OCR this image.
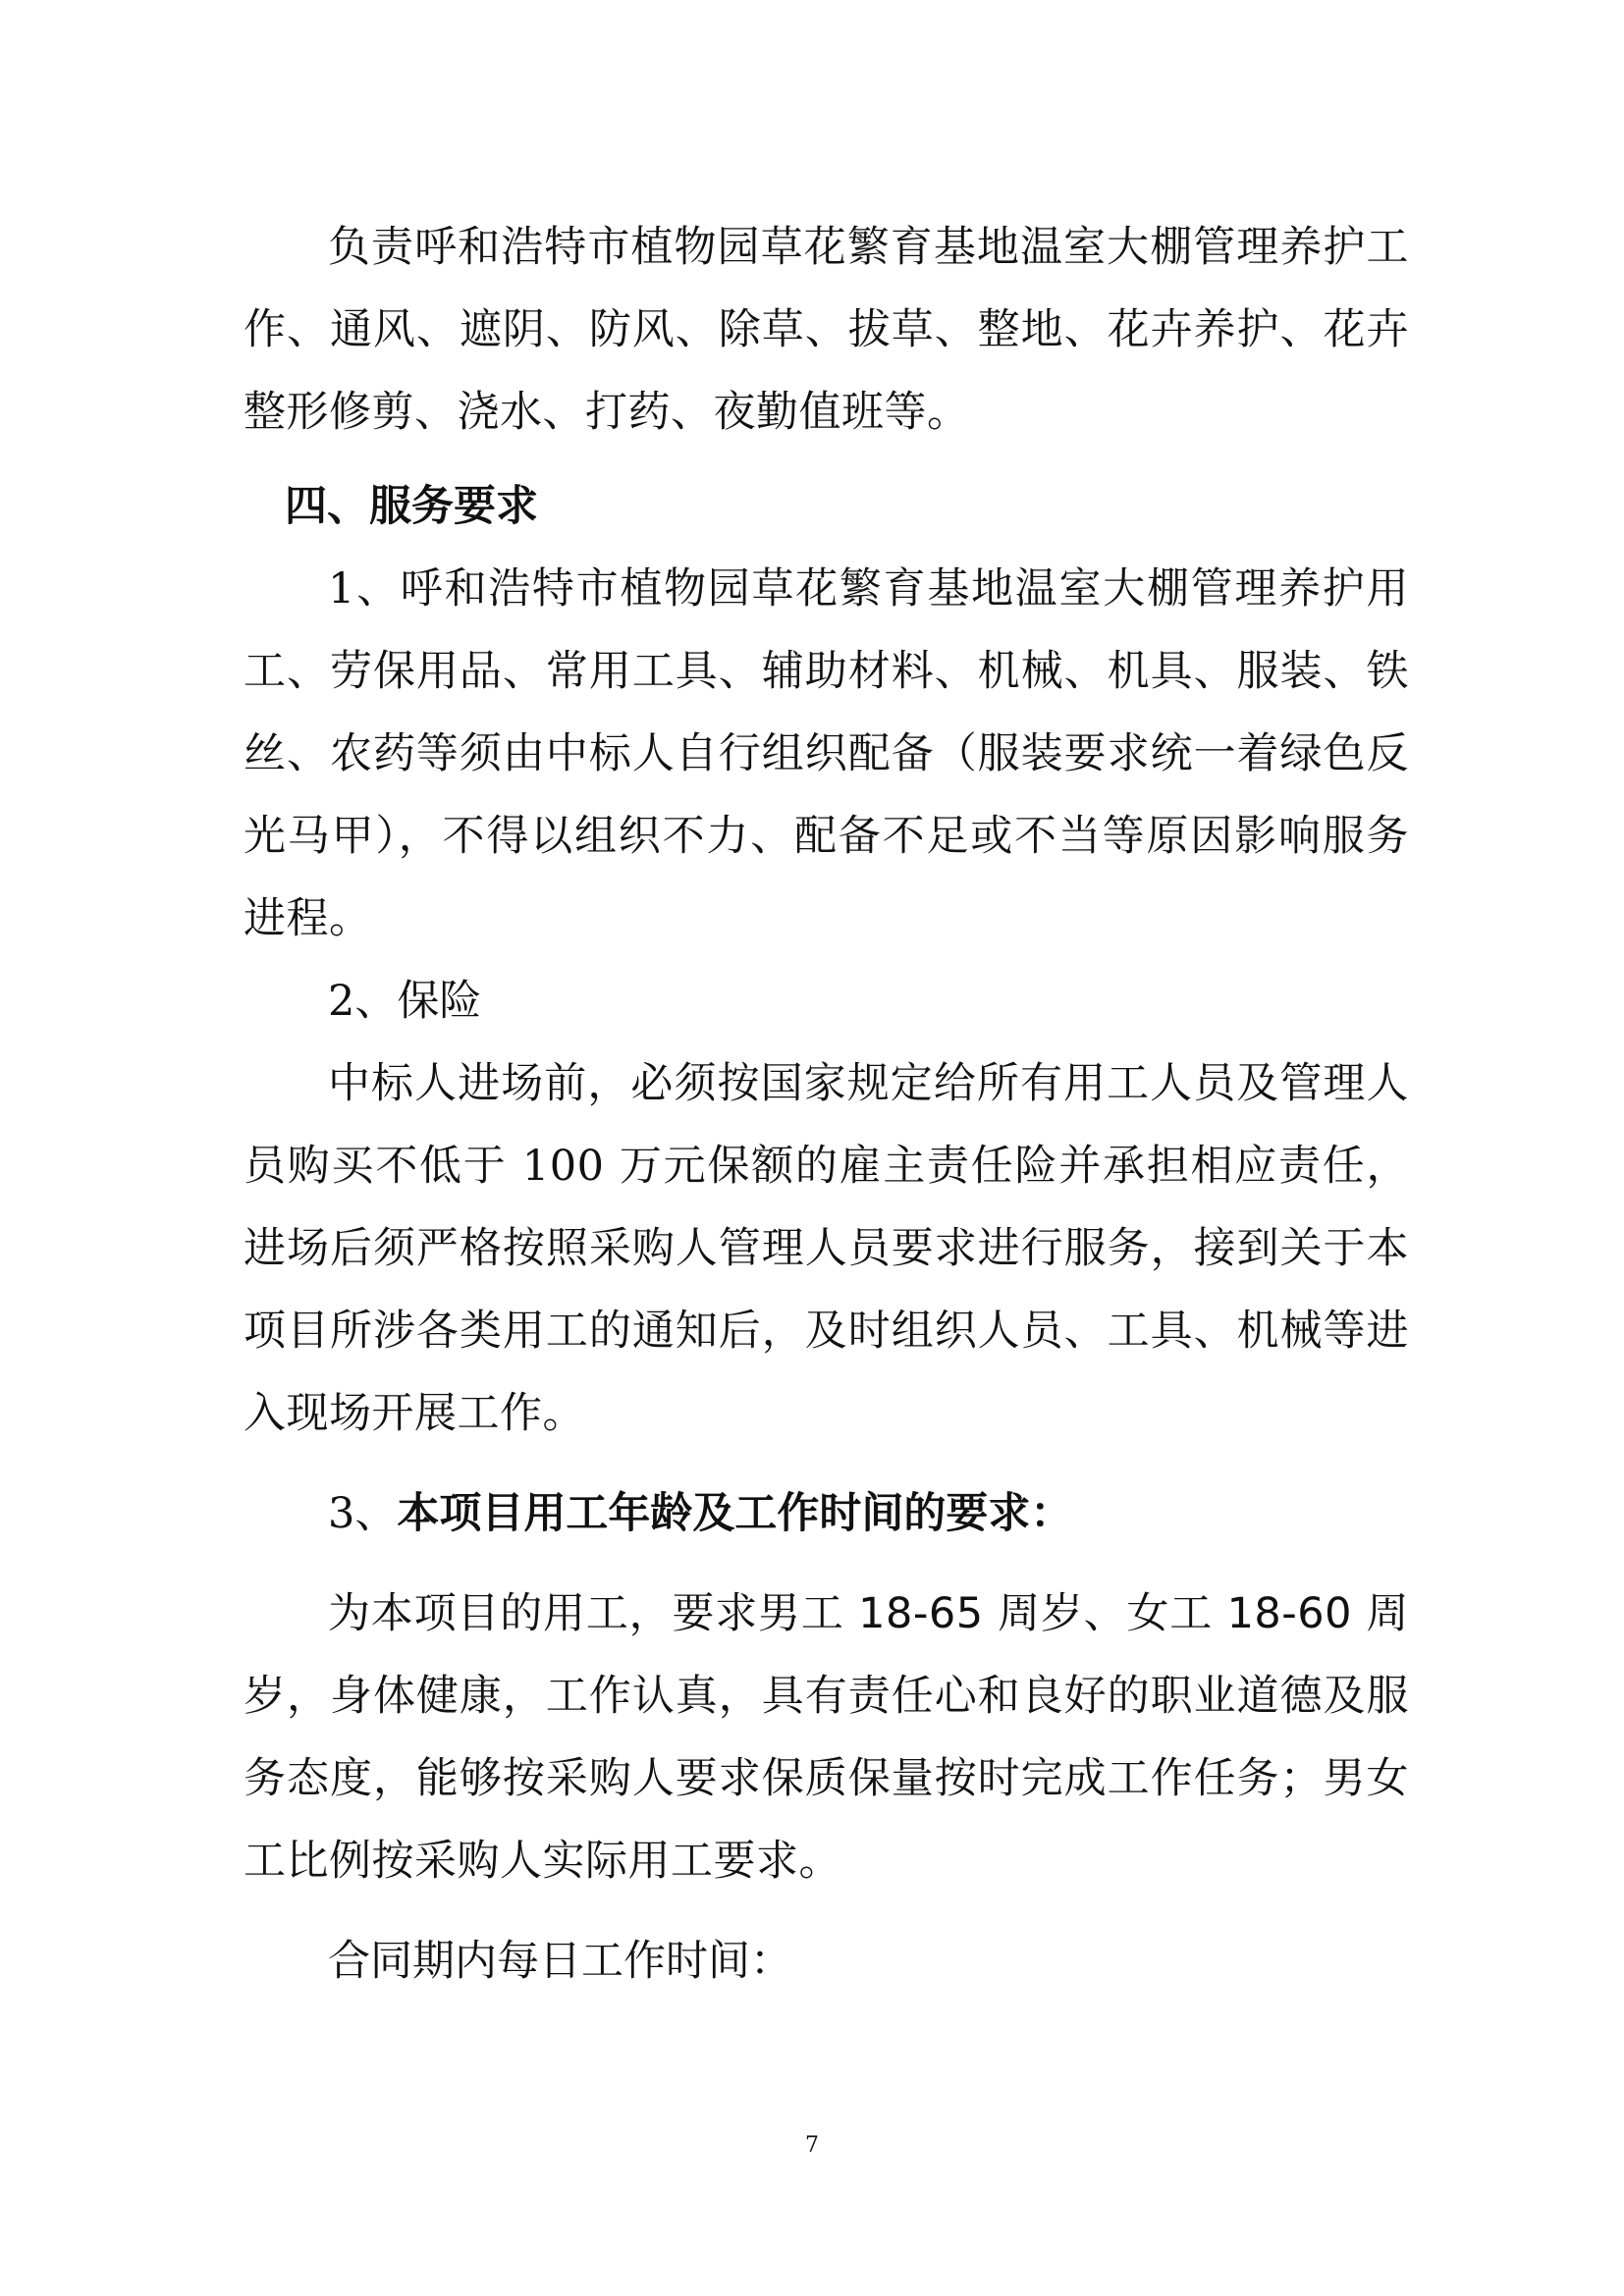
负责呼和浩特市植物园草花繁育基地温室大棚管理养护工作、通风、遮阴、防风、除草、拔草、整地、花卉养护、花卉整形修剪、浇水、打药、夜勤值班等。

四、服务要求

1、呼和浩特市植物园草花繁育基地温室大棚管理养护用工、劳保用品、常用工具、辅助材料、机械、机具、服装、铁丝、农药等须由中标人自行组织配备（服装要求统一着绿色反光马甲），不得以组织不力、配备不足或不当等原因影响服务进程。

2、保险

中标人进场前，必须按国家规定给所有用工人员及管理人员购买不低于 100 万元保额的雇主责任险并承担相应责任，进场后须严格按照采购人管理人员要求进行服务，接到关于本项目所涉各类用工的通知后，及时组织人员、工具、机械等进入现场开展工作。

3、本项目用工年龄及工作时间的要求：

为本项目的用工，要求男工 18-65 周岁、女工 18-60 周岁，身体健康，工作认真，具有责任心和良好的职业道德及服务态度，能够按采购人要求保质保量按时完成工作任务；男女工比例按采购人实际用工要求。

合同期内每日工作时间：

7
